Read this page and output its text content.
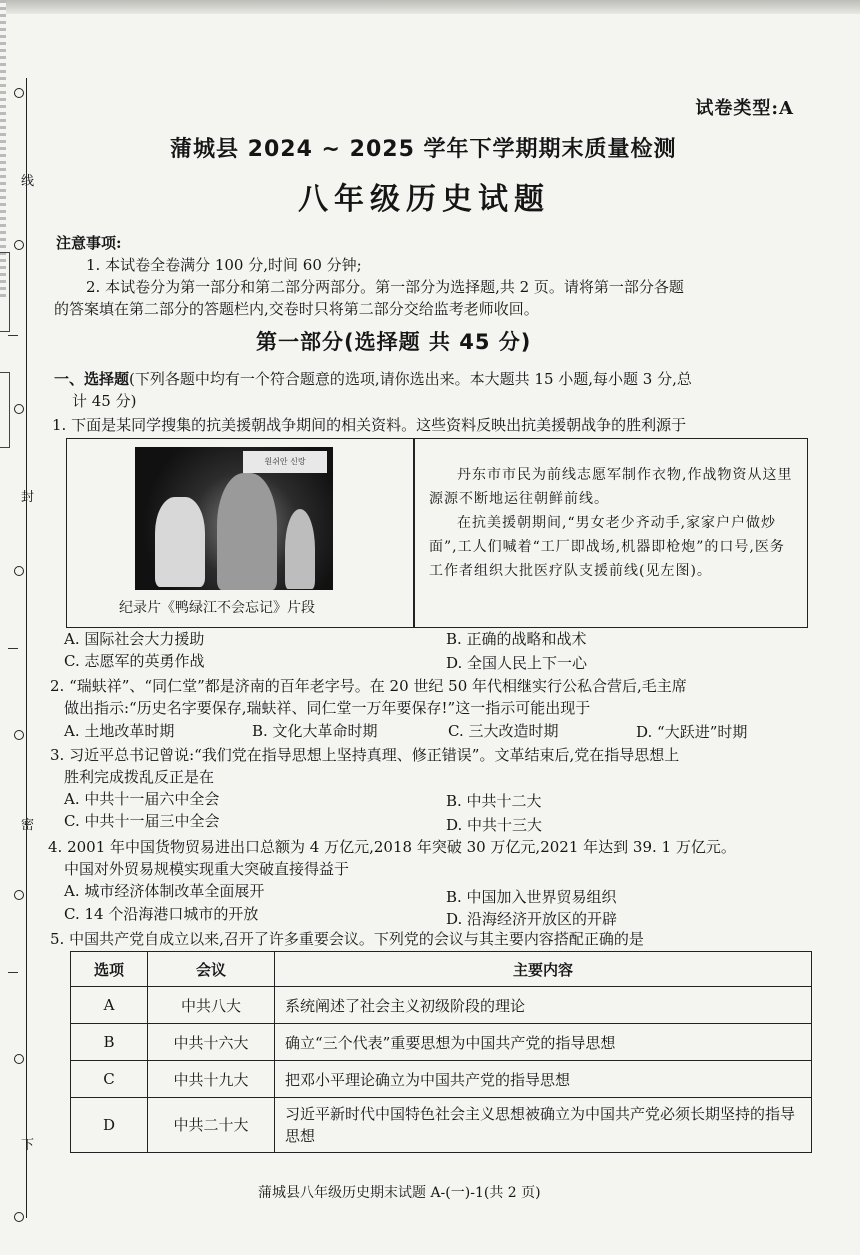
线
封
密
下
试卷类型:A
蒲城县 2024 ~ 2025 学年下学期期末质量检测
八年级历史试题
注意事项:
1. 本试卷全卷满分 100 分,时间 60 分钟;
2. 本试卷分为第一部分和第二部分两部分。第一部分为选择题,共 2 页。请将第一部分各题
的答案填在第二部分的答题栏内,交卷时只将第二部分交给监考老师收回。
第一部分(选择题 共 45 分)
一、选择题(下列各题中均有一个符合题意的选项,请你选出来。本大题共 15 小题,每小题 3 分,总
计 45 分)
1. 下面是某同学搜集的抗美援朝战争期间的相关资料。这些资料反映出抗美援朝战争的胜利源于
원쉬안 신랑
纪录片《鸭绿江不会忘记》片段

丹东市市民为前线志愿军制作衣物,作战物资从这里源源不断地运往朝鲜前线。

在抗美援朝期间,“男女老少齐动手,家家户户做炒面”,工人们喊着“工厂即战场,机器即枪炮”的口号,医务工作者组织大批医疗队支援前线(见左图)。

A. 国际社会大力援助	B. 正确的战略和战术
C. 志愿军的英勇作战	D. 全国人民上下一心
2. “瑞蚨祥”、“同仁堂”都是济南的百年老字号。在 20 世纪 50 年代相继实行公私合营后,毛主席
做出指示:“历史名字要保存,瑞蚨祥、同仁堂一万年要保存!”这一指示可能出现于
A. 土地改革时期	B. 文化大革命时期	C. 三大改造时期	D. “大跃进”时期
3. 习近平总书记曾说:“我们党在指导思想上坚持真理、修正错误”。文革结束后,党在指导思想上
胜利完成拨乱反正是在
A. 中共十一届六中全会	B. 中共十二大
C. 中共十一届三中全会	D. 中共十三大
4. 2001 年中国货物贸易进出口总额为 4 万亿元,2018 年突破 30 万亿元,2021 年达到 39. 1 万亿元。
中国对外贸易规模实现重大突破直接得益于
A. 城市经济体制改革全面展开	B. 中国加入世界贸易组织
C. 14 个沿海港口城市的开放	D. 沿海经济开放区的开辟
5. 中国共产党自成立以来,召开了许多重要会议。下列党的会议与其主要内容搭配正确的是
选项	会议	主要内容
A	中共八大	系统阐述了社会主义初级阶段的理论
B	中共十六大	确立“三个代表”重要思想为中国共产党的指导思想
C	中共十九大	把邓小平理论确立为中国共产党的指导思想
D	中共二十大	习近平新时代中国特色社会主义思想被确立为中国共产党必须长期坚持的指导思想
蒲城县八年级历史期末试题 A-(一)-1(共 2 页)
